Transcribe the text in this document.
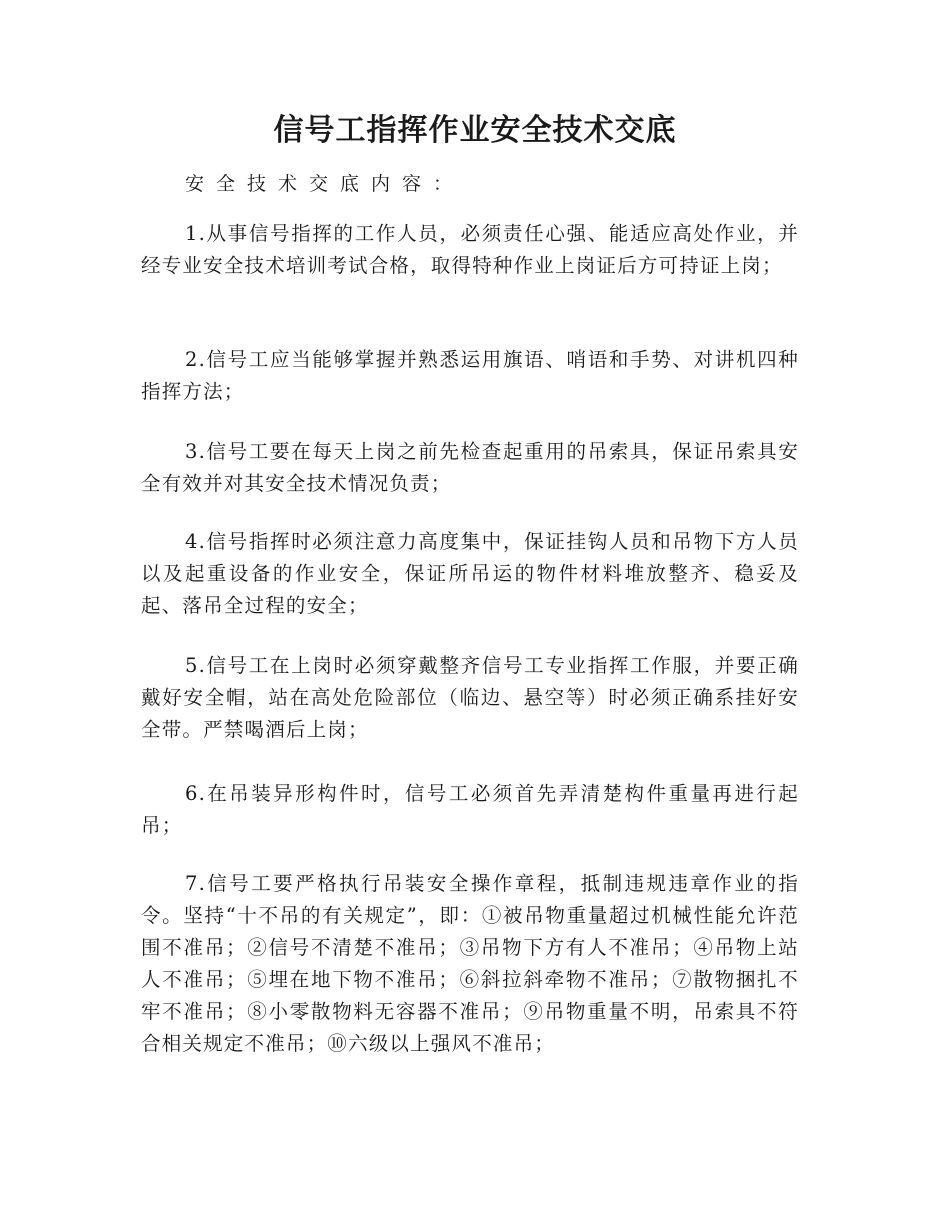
信号工指挥作业安全技术交底

安全技术交底内容：

1.从事信号指挥的工作人员，必须责任心强、能适应高处作业，并经专业安全技术培训考试合格，取得特种作业上岗证后方可持证上岗；

2.信号工应当能够掌握并熟悉运用旗语、哨语和手势、对讲机四种指挥方法；

3.信号工要在每天上岗之前先检查起重用的吊索具，保证吊索具安全有效并对其安全技术情况负责；

4.信号指挥时必须注意力高度集中，保证挂钩人员和吊物下方人员以及起重设备的作业安全，保证所吊运的物件材料堆放整齐、稳妥及起、落吊全过程的安全；

5.信号工在上岗时必须穿戴整齐信号工专业指挥工作服，并要正确戴好安全帽，站在高处危险部位（临边、悬空等）时必须正确系挂好安全带。严禁喝酒后上岗；

6.在吊装异形构件时，信号工必须首先弄清楚构件重量再进行起吊；

7.信号工要严格执行吊装安全操作章程，抵制违规违章作业的指令。坚持“十不吊的有关规定”，即：①被吊物重量超过机械性能允许范围不准吊；②信号不清楚不准吊；③吊物下方有人不准吊；④吊物上站人不准吊；⑤埋在地下物不准吊；⑥斜拉斜牵物不准吊；⑦散物捆扎不牢不准吊；⑧小零散物料无容器不准吊；⑨吊物重量不明，吊索具不符合相关规定不准吊；⑩六级以上强风不准吊；
